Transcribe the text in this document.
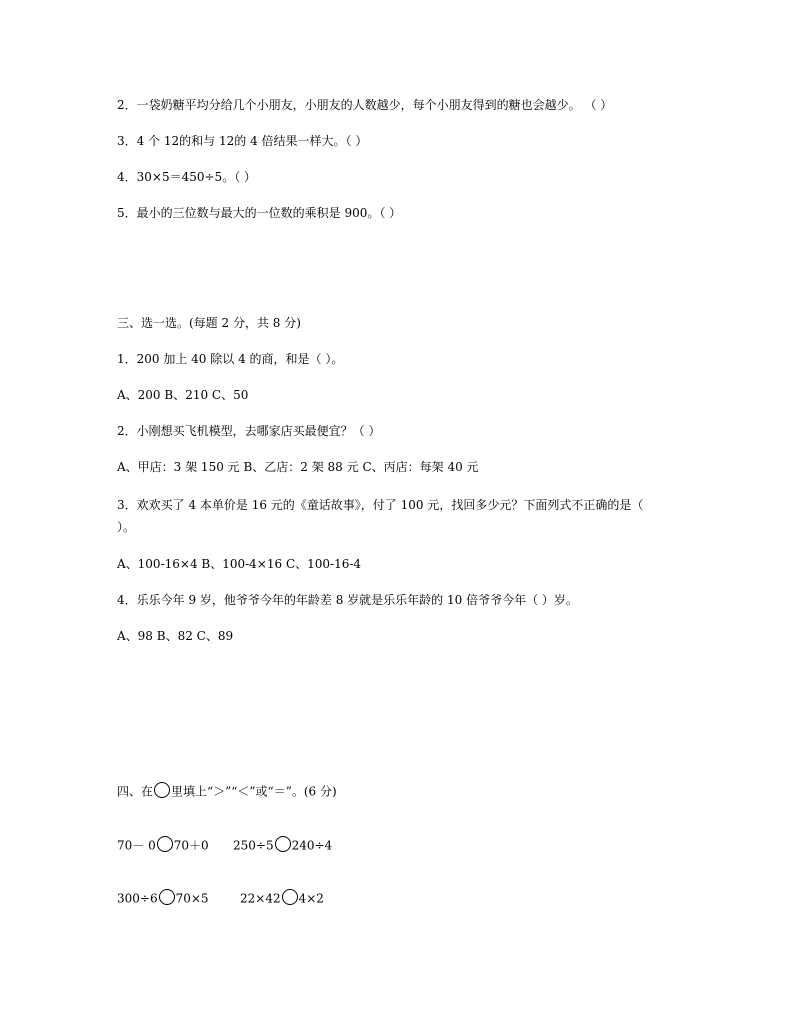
2．一袋奶糖平均分给几个小朋友，小朋友的人数越少，每个小朋友得到的糖也会越少。 （ ）
3．4 个 12的和与 12的 4 倍结果一样大。（ ）
4．30×5＝450÷5。（ ）
5．最小的三位数与最大的一位数的乘积是 900。（ ）
三、选一选。(每题 2 分，共 8 分)
1．200 加上 40 除以 4 的商，和是（ ）。
A、200 B、210 C、50
2．小刚想买飞机模型，去哪家店买最便宜？（ ）
A、甲店：3 架 150 元 B、乙店：2 架 88 元 C、丙店：每架 40 元
3．欢欢买了 4 本单价是 16 元的《童话故事》，付了 100 元，找回多少元？下面列式不正确的是（
）。
A、100-16×4 B、100-4×16 C、100-16-4
4．乐乐今年 9 岁，他爷爷今年的年龄差 8 岁就是乐乐年龄的 10 倍爷爷今年（ ）岁。
A、98 B、82 C、89
四、在 里填上“＞”“＜”或“＝”。(6 分)
70－ 0 70＋0 250÷5 240÷4
300÷6 70×5	22×42 4×2
